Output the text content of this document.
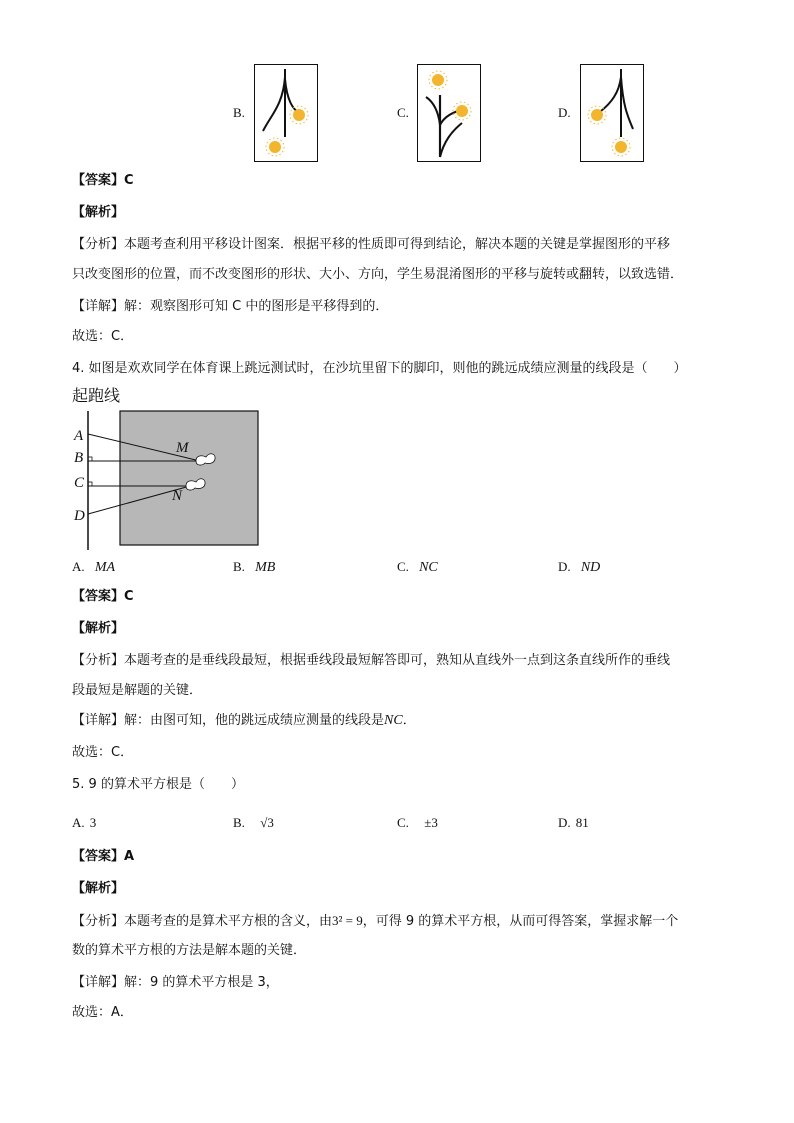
B.	C.	D.
【答案】C
【解析】
【分析】本题考查利用平移设计图案．根据平移的性质即可得到结论，解决本题的关键是掌握图形的平移
只改变图形的位置，而不改变图形的形状、大小、方向，学生易混淆图形的平移与旋转或翻转，以致选错．
【详解】解：观察图形可知 C 中的图形是平移得到的．
故选：C．
4. 如图是欢欢同学在体育课上跳远测试时，在沙坑里留下的脚印，则他的跳远成绩应测量的线段是（　　）
起跑线
A
B
C
D
M
N
A. MA	B. MB	C. NC	D. ND
【答案】C
【解析】
【分析】本题考查的是垂线段最短，根据垂线段最短解答即可，熟知从直线外一点到这条直线所作的垂线
段最短是解题的关键．
【详解】解：由图可知，他的跳远成绩应测量的线段是NC．
故选：C．
5. 9 的算术平方根是（　　）
A. 3	B. √3	C. ±3	D. 81
【答案】A
【解析】
【分析】本题考查的是算术平方根的含义，由3² = 9，可得 9 的算术平方根，从而可得答案，掌握求解一个
数的算术平方根的方法是解本题的关键．
【详解】解：9 的算术平方根是 3，
故选：A．
